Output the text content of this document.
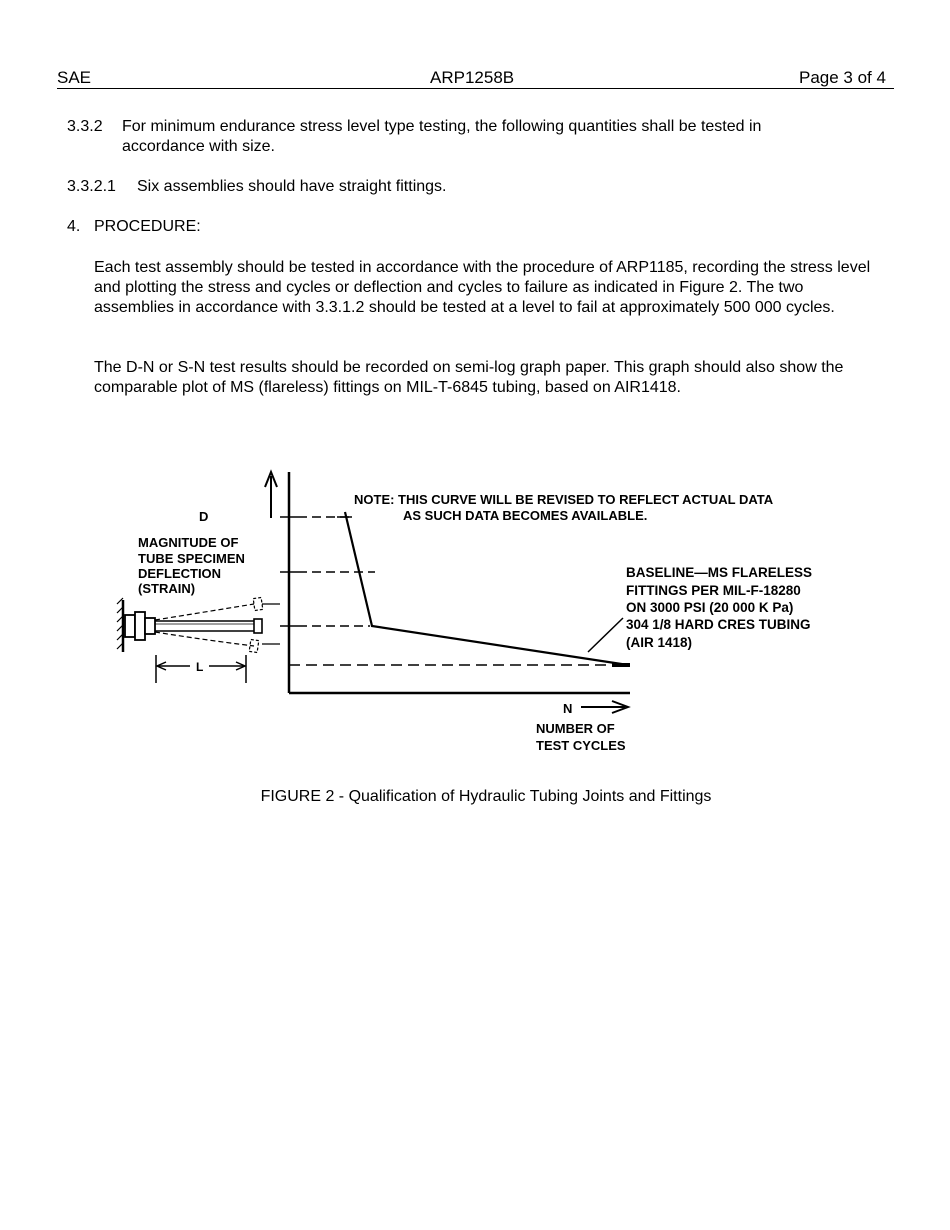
SAE	ARP1258B	Page 3 of 4
3.3.2 For minimum endurance stress level type testing, the following quantities shall be tested in
accordance with size.
3.3.2.1 Six assemblies should have straight fittings.
4. PROCEDURE:
Each test assembly should be tested in accordance with the procedure of ARP1185, recording the stress level and plotting the stress and cycles or deflection and cycles to failure as indicated in Figure 2. The two assemblies in accordance with 3.3.1.2 should be tested at a level to fail at approximately 500 000 cycles.
The D-N or S-N test results should be recorded on semi-log graph paper. This graph should also show the comparable plot of MS (flareless) fittings on MIL-T-6845 tubing, based on AIR1418.
NOTE: THIS CURVE WILL BE REVISED TO REFLECT ACTUAL DATA
AS SUCH DATA BECOMES AVAILABLE.
D
MAGNITUDE OF
TUBE SPECIMEN
DEFLECTION
(STRAIN)
BASELINE—MS FLARELESS
FITTINGS PER MIL-F-18280
ON 3000 PSI (20 000 K Pa)
304 1/8 HARD CRES TUBING
(AIR 1418)
N
NUMBER OF
TEST CYCLES
L
FIGURE 2 - Qualification of Hydraulic Tubing Joints and Fittings
